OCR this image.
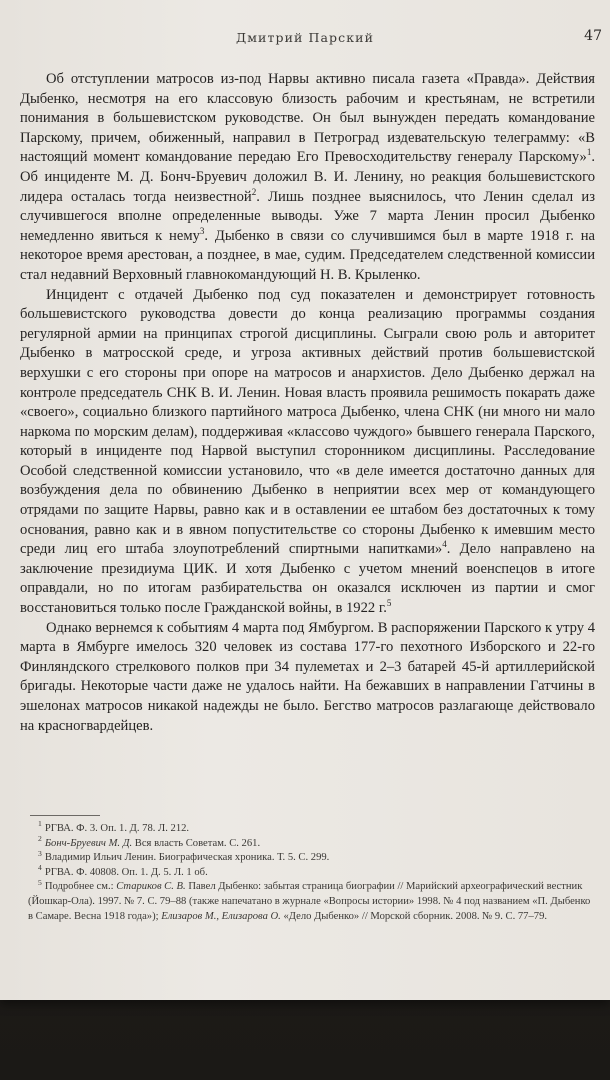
Дмитрий Парский	47

Об отступлении матросов из-под Нарвы активно писала газета «Правда». Действия Дыбенко, несмотря на его классовую близость рабочим и крестьянам, не встретили понимания в большевистском руководстве. Он был вынужден передать командование Парскому, причем, обиженный, направил в Петроград издевательскую телеграмму: «В настоящий момент командование передаю Его Превосходительству генералу Парскому»$^1$. Об инциденте М. Д. Бонч-Бруевич доложил В. И. Ленину, но реакция большевистского лидера осталась тогда неизвестной$^2$. Лишь позднее выяснилось, что Ленин сделал из случившегося вполне определенные выводы. Уже 7 марта Ленин просил Дыбенко немедленно явиться к нему$^3$. Дыбенко в связи со случившимся был в марте 1918 г. на некоторое время арестован, а позднее, в мае, судим. Председателем следственной комиссии стал недавний Верховный главнокомандующий Н. В. Крыленко.

Инцидент с отдачей Дыбенко под суд показателен и демонстрирует готовность большевистского руководства довести до конца реализацию программы создания регулярной армии на принципах строгой дисциплины. Сыграли свою роль и авторитет Дыбенко в матросской среде, и угроза активных действий против большевистской верхушки с его стороны при опоре на матросов и анархистов. Дело Дыбенко держал на контроле председатель СНК В. И. Ленин. Новая власть проявила решимость покарать даже «своего», социально близкого партийного матроса Дыбенко, члена СНК (ни много ни мало наркома по морским делам), поддерживая «классово чуждого» бывшего генерала Парского, который в инциденте под Нарвой выступил сторонником дисциплины. Расследование Особой следственной комиссии установило, что «в деле имеется достаточно данных для возбуждения дела по обвинению Дыбенко в неприятии всех мер от командующего отрядами по защите Нарвы, равно как и в оставлении ее штабом без достаточных к тому основания, равно как и в явном попустительстве со стороны Дыбенко к имевшим место среди лиц его штаба злоупотреблений спиртными напитками»$^4$. Дело направлено на заключение президиума ЦИК. И хотя Дыбенко с учетом мнений военспецов в итоге оправдали, но по итогам разбирательства он оказался исключен из партии и смог восстановиться только после Гражданской войны, в 1922 г.$^5$

Однако вернемся к событиям 4 марта под Ямбургом. В распоряжении Парского к утру 4 марта в Ямбурге имелось 320 человек из состава 177-го пехотного Изборского и 22-го Финляндского стрелкового полков при 34 пулеметах и 2–3 батарей 45-й артиллерийской бригады. Некоторые части даже не удалось найти. На бежавших в направлении Гатчины в эшелонах матросов никакой надежды не было. Бегство матросов разлагающе действовало на красногвардейцев.

$^1$ РГВА. Ф. 3. Оп. 1. Д. 78. Л. 212.

$^2$ Бонч-Бруевич М. Д. Вся власть Советам. С. 261.

$^3$ Владимир Ильич Ленин. Биографическая хроника. Т. 5. С. 299.

$^4$ РГВА. Ф. 40808. Оп. 1. Д. 5. Л. 1 об.

$^5$ Подробнее см.: Стариков С. В. Павел Дыбенко: забытая страница биографии // Марийский археографический вестник (Йошкар-Ола). 1997. № 7. С. 79–88 (также напечатано в журнале «Вопросы истории» 1998. № 4 под названием «П. Дыбенко в Самаре. Весна 1918 года»); Елизаров М., Елизарова О. «Дело Дыбенко» // Морской сборник. 2008. № 9. С. 77–79.
